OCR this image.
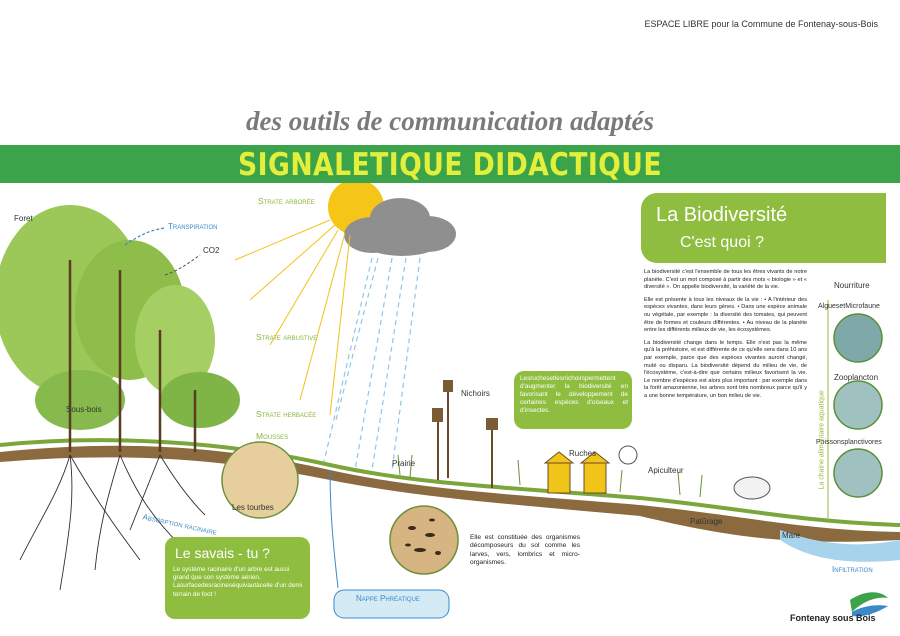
ESPACE LIBRE pour la Commune de Fontenay-sous-Bois
des outils de communication adaptés
SIGNALETIQUE DIDACTIQUE
Strate arborée
Strate arbustive
Strate herbacée
Mousses
Foret
Transpiration
CO2
Sous-bois
Les tourbes
Absorption racinaire
Nappe Phréatique
Nichoirs
Prairie
Ruches
Apiculteur
Patûrage
Mare
Infiltration
Nourriture
AlguesetMicrofaune
Zooplancton
Poissonsplanctivores
La chaine alimentaire aquatique
La Biodiversité
C'est quoi ?

La biodiversité c'est l'ensemble de tous les êtres vivants de notre planète. C'est un mot composé à partir des mots « biologie » et « diversité ». On appelle biodiversité, la variété de la vie.

Elle est présente à tous les niveaux de la vie : • A l'intérieur des espèces vivantes, dans leurs gènes. • Dans une espèce animale ou végétale, par exemple : la diversité des tomates, qui peuvent être de formes et couleurs différentes. • Au niveau de la planète entre les différents milieux de vie, les écosystèmes.

La biodiversité change dans le temps. Elle n'est pas la même qu'à la préhistoire, et est différente de ce qu'elle sera dans 10 ans par exemple, parce que des espèces vivantes auront changé, muté ou disparu. La biodiversité dépend du milieu de vie, de l'écosystème, c'est-à-dire que certains milieux favorisent la vie. Le nombre d'espèces est alors plus important : par exemple dans la forêt amazonienne, les arbres sont très nombreux parce qu'il y a une bonne température, un bon milieu de vie.

Lesruchesetlesnichoirspermettent d'augmenter la biodiversité en favorisant le développement de certaines espèces d'oiseaux et d'insectes.
Le savais - tu ?
Le système racinaire d'un arbre est aussi grand que son système aérien. Lasurfacedesracineséquivautàcelle d'un demi terrain de foot !
Elle est constituée des organismes décomposeurs du sol comme les larves, vers, lombrics et micro-organismes.
Fontenay sous Bois
